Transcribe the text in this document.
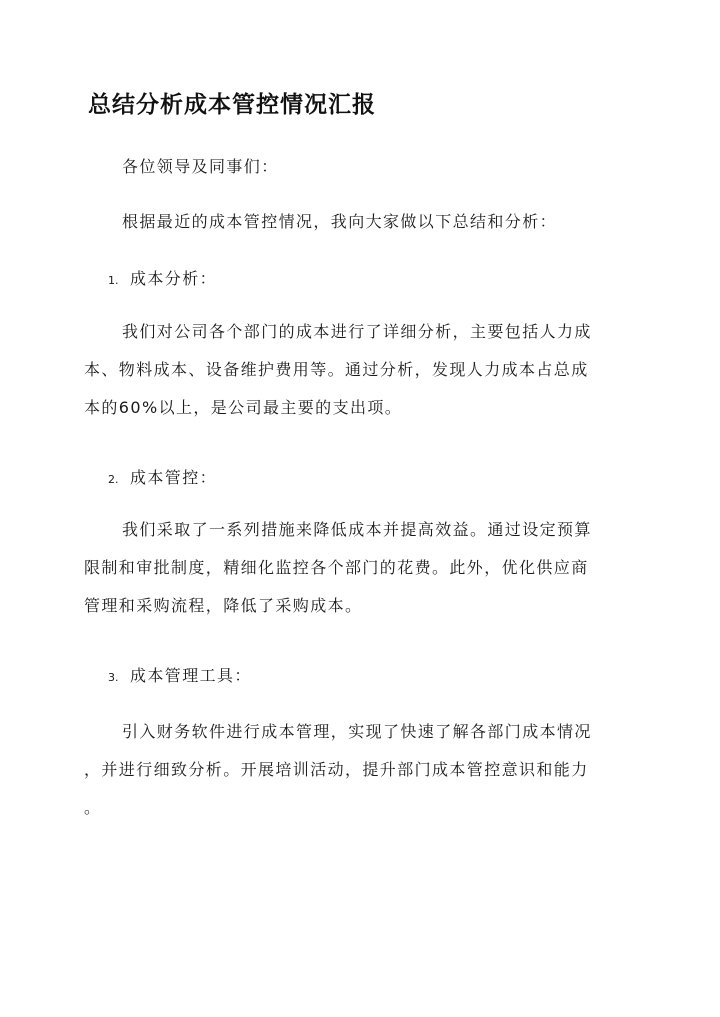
总结分析成本管控情况汇报

各位领导及同事们：

根据最近的成本管控情况，我向大家做以下总结和分析：

1. 成本分析：

我们对公司各个部门的成本进行了详细分析，主要包括人力成
本、物料成本、设备维护费用等。通过分析，发现人力成本占总成
本的60%以上，是公司最主要的支出项。

2. 成本管控：

我们采取了一系列措施来降低成本并提高效益。通过设定预算
限制和审批制度，精细化监控各个部门的花费。此外，优化供应商
管理和采购流程，降低了采购成本。

3. 成本管理工具：

引入财务软件进行成本管理，实现了快速了解各部门成本情况
，并进行细致分析。开展培训活动，提升部门成本管控意识和能力
。
